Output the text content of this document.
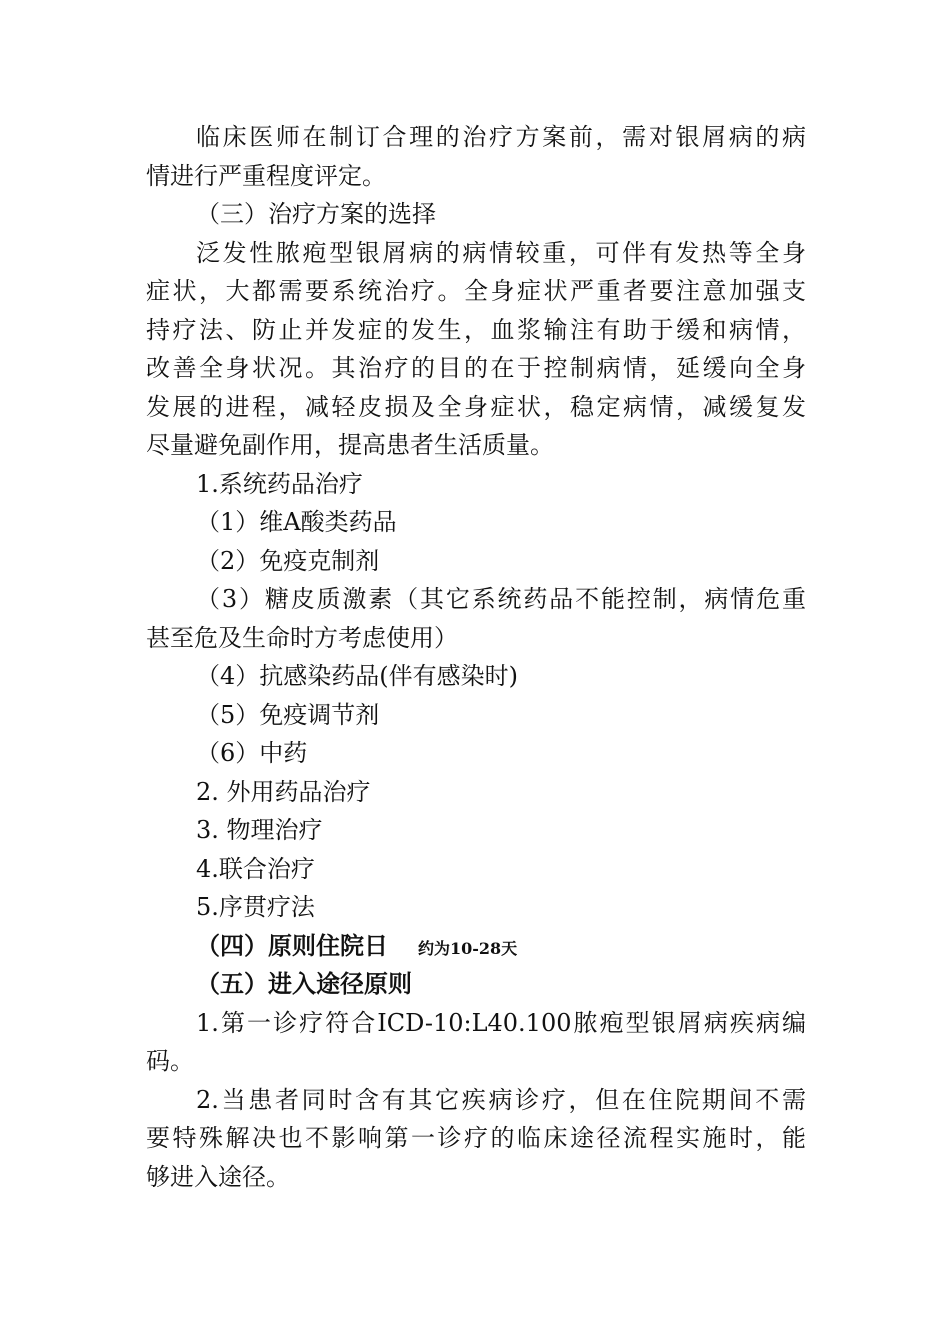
临床医师在制订合理的治疗方案前，需对银屑病的病
情进行严重程度评定。
（三）治疗方案的选择
泛发性脓疱型银屑病的病情较重，可伴有发热等全身
症状，大都需要系统治疗。全身症状严重者要注意加强支
持疗法、防止并发症的发生，血浆输注有助于缓和病情，
改善全身状况。其治疗的目的在于控制病情，延缓向全身
发展的进程，减轻皮损及全身症状，稳定病情，减缓复发
尽量避免副作用，提高患者生活质量。
1.系统药品治疗
（1）维A酸类药品
（2）免疫克制剂
（3）糖皮质激素（其它系统药品不能控制，病情危重
甚至危及生命时方考虑使用）
（4）抗感染药品(伴有感染时)
（5）免疫调节剂
（6）中药
2. 外用药品治疗
3. 物理治疗
4.联合治疗
5.序贯疗法
（四）原则住院日 约为10-28天
（五）进入途径原则
1.第一诊疗符合ICD-10:L40.100脓疱型银屑病疾病编
码。
2.当患者同时含有其它疾病诊疗，但在住院期间不需
要特殊解决也不影响第一诊疗的临床途径流程实施时，能
够进入途径。
